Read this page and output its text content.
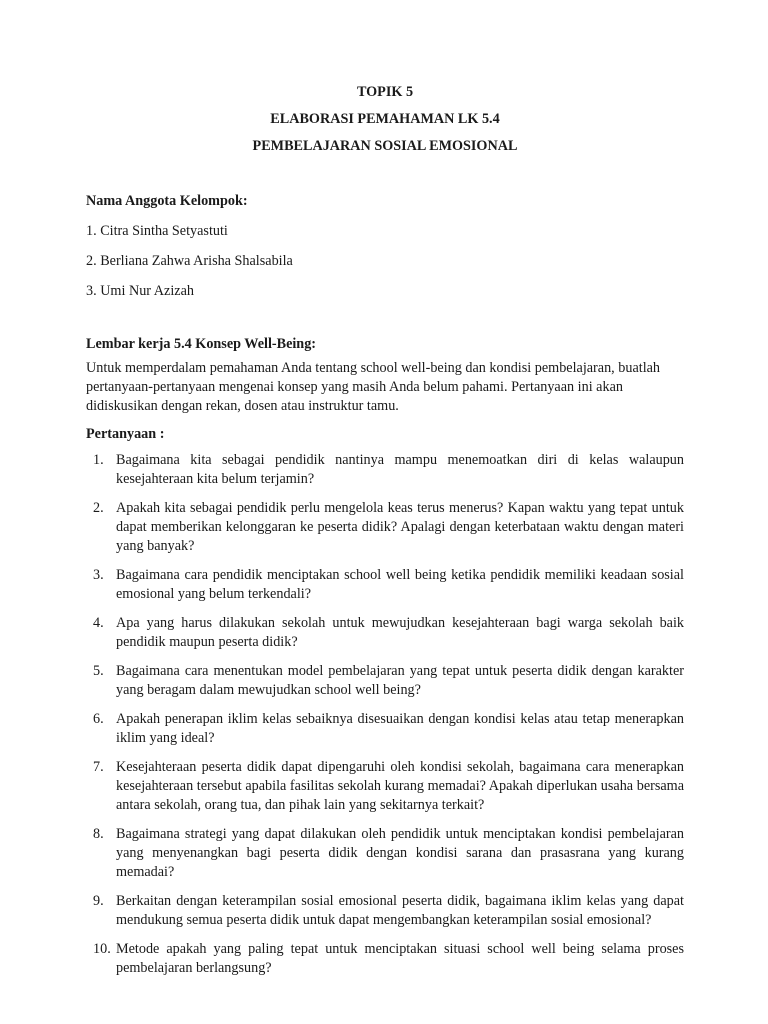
TOPIK 5

ELABORASI PEMAHAMAN LK 5.4

PEMBELAJARAN SOSIAL EMOSIONAL

Nama Anggota Kelompok:

1. Citra Sintha Setyastuti

2. Berliana Zahwa Arisha Shalsabila

3. Umi Nur Azizah

Lembar kerja 5.4 Konsep Well-Being:

Untuk memperdalam pemahaman Anda tentang school well-being dan kondisi pembelajaran, buatlah pertanyaan-pertanyaan mengenai konsep yang masih Anda belum pahami. Pertanyaan ini akan didiskusikan dengan rekan, dosen atau instruktur tamu.

Pertanyaan :

1. Bagaimana kita sebagai pendidik nantinya mampu menemoatkan diri di kelas walaupun kesejahteraan kita belum terjamin?
2. Apakah kita sebagai pendidik perlu mengelola keas terus menerus? Kapan waktu yang tepat untuk dapat memberikan kelonggaran ke peserta didik? Apalagi dengan keterbataan waktu dengan materi yang banyak?
3. Bagaimana cara pendidik menciptakan school well being ketika pendidik memiliki keadaan sosial emosional yang belum terkendali?
4. Apa yang harus dilakukan sekolah untuk mewujudkan kesejahteraan bagi warga sekolah baik pendidik maupun peserta didik?
5. Bagaimana cara menentukan model pembelajaran yang tepat untuk peserta didik dengan karakter yang beragam dalam mewujudkan school well being?
6. Apakah penerapan iklim kelas sebaiknya disesuaikan dengan kondisi kelas atau tetap menerapkan iklim yang ideal?
7. Kesejahteraan peserta didik dapat dipengaruhi oleh kondisi sekolah, bagaimana cara menerapkan kesejahteraan tersebut apabila fasilitas sekolah kurang memadai? Apakah diperlukan usaha bersama antara sekolah, orang tua, dan pihak lain yang sekitarnya terkait?
8. Bagaimana strategi yang dapat dilakukan oleh pendidik untuk menciptakan kondisi pembelajaran yang menyenangkan bagi peserta didik dengan kondisi sarana dan prasasrana yang kurang memadai?
9. Berkaitan dengan keterampilan sosial emosional peserta didik, bagaimana iklim kelas yang dapat mendukung semua peserta didik untuk dapat mengembangkan keterampilan sosial emosional?
10. Metode apakah yang paling tepat untuk menciptakan situasi school well being selama proses pembelajaran berlangsung?
